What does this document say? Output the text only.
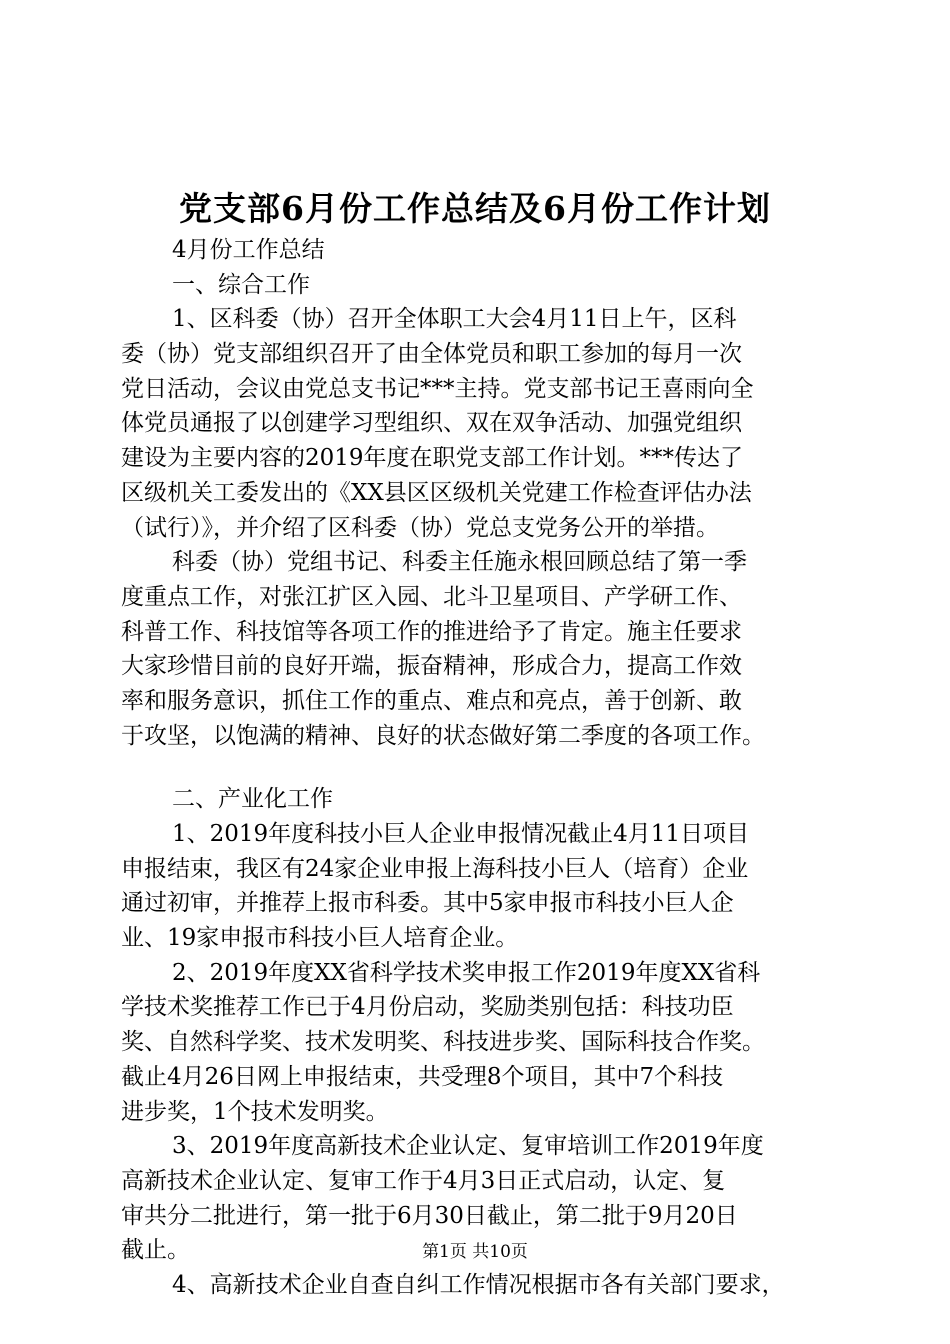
党支部6月份工作总结及6月份工作计划
4月份工作总结
一、综合工作
1、区科委（协）召开全体职工大会4月11日上午，区科
委（协）党支部组织召开了由全体党员和职工参加的每月一次
党日活动，会议由党总支书记***主持。党支部书记王喜雨向全
体党员通报了以创建学习型组织、双在双争活动、加强党组织
建设为主要内容的2019年度在职党支部工作计划。***传达了
区级机关工委发出的《XX县区区级机关党建工作检查评估办法
（试行）》，并介绍了区科委（协）党总支党务公开的举措。
科委（协）党组书记、科委主任施永根回顾总结了第一季
度重点工作，对张江扩区入园、北斗卫星项目、产学研工作、
科普工作、科技馆等各项工作的推进给予了肯定。施主任要求
大家珍惜目前的良好开端，振奋精神，形成合力，提高工作效
率和服务意识，抓住工作的重点、难点和亮点，善于创新、敢
于攻坚，以饱满的精神、良好的状态做好第二季度的各项工作。
二、产业化工作
1、2019年度科技小巨人企业申报情况截止4月11日项目
申报结束，我区有24家企业申报上海科技小巨人（培育）企业
通过初审，并推荐上报市科委。其中5家申报市科技小巨人企
业、19家申报市科技小巨人培育企业。
2、2019年度XX省科学技术奖申报工作2019年度XX省科
学技术奖推荐工作已于4月份启动，奖励类别包括：科技功臣
奖、自然科学奖、技术发明奖、科技进步奖、国际科技合作奖。
截止4月26日网上申报结束，共受理8个项目，其中7个科技
进步奖，1个技术发明奖。
3、2019年度高新技术企业认定、复审培训工作2019年度
高新技术企业认定、复审工作于4月3日正式启动，认定、复
审共分二批进行，第一批于6月30日截止，第二批于9月20日
截止。
4、高新技术企业自查自纠工作情况根据市各有关部门要求，
第1页 共10页
